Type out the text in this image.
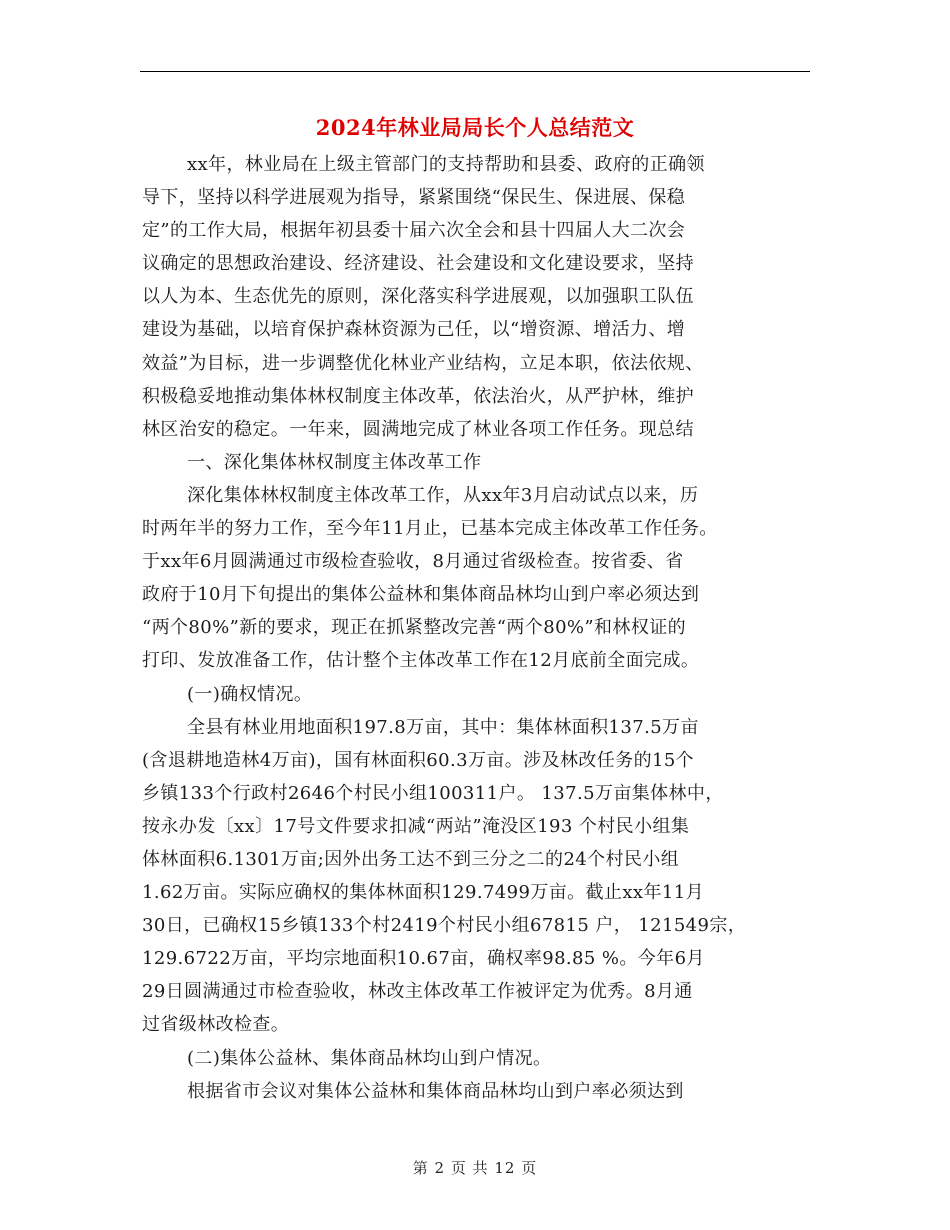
2024年林业局局长个人总结范文
xx年，林业局在上级主管部门的支持帮助和县委、政府的正确领
导下，坚持以科学进展观为指导，紧紧围绕“保民生、保进展、保稳
定”的工作大局，根据年初县委十届六次全会和县十四届人大二次会
议确定的思想政治建设、经济建设、社会建设和文化建设要求，坚持
以人为本、生态优先的原则，深化落实科学进展观，以加强职工队伍
建设为基础，以培育保护森林资源为己任，以“增资源、增活力、增
效益”为目标，进一步调整优化林业产业结构，立足本职，依法依规、
积极稳妥地推动集体林权制度主体改革，依法治火，从严护林，维护
林区治安的稳定。一年来，圆满地完成了林业各项工作任务。现总结
一、深化集体林权制度主体改革工作
深化集体林权制度主体改革工作，从xx年3月启动试点以来，历
时两年半的努力工作，至今年11月止，已基本完成主体改革工作任务。
于xx年6月圆满通过市级检查验收，8月通过省级检查。按省委、省
政府于10月下旬提出的集体公益林和集体商品林均山到户率必须达到
“两个80%”新的要求，现正在抓紧整改完善“两个80%”和林权证的
打印、发放准备工作，估计整个主体改革工作在12月底前全面完成。
(一)确权情况。
全县有林业用地面积197.8万亩，其中：集体林面积137.5万亩
(含退耕地造林4万亩)，国有林面积60.3万亩。涉及林改任务的15个
乡镇133个行政村2646个村民小组100311户。 137.5万亩集体林中，
按永办发〔xx〕17号文件要求扣减“两站”淹没区193 个村民小组集
体林面积6.1301万亩;因外出务工达不到三分之二的24个村民小组
1.62万亩。实际应确权的集体林面积129.7499万亩。截止xx年11月
30日，已确权15乡镇133个村2419个村民小组67815 户， 121549宗，
129.6722万亩，平均宗地面积10.67亩，确权率98.85 %。今年6月
29日圆满通过市检查验收，林改主体改革工作被评定为优秀。8月通
过省级林改检查。
(二)集体公益林、集体商品林均山到户情况。
根据省市会议对集体公益林和集体商品林均山到户率必须达到
第 2 页 共 12 页
